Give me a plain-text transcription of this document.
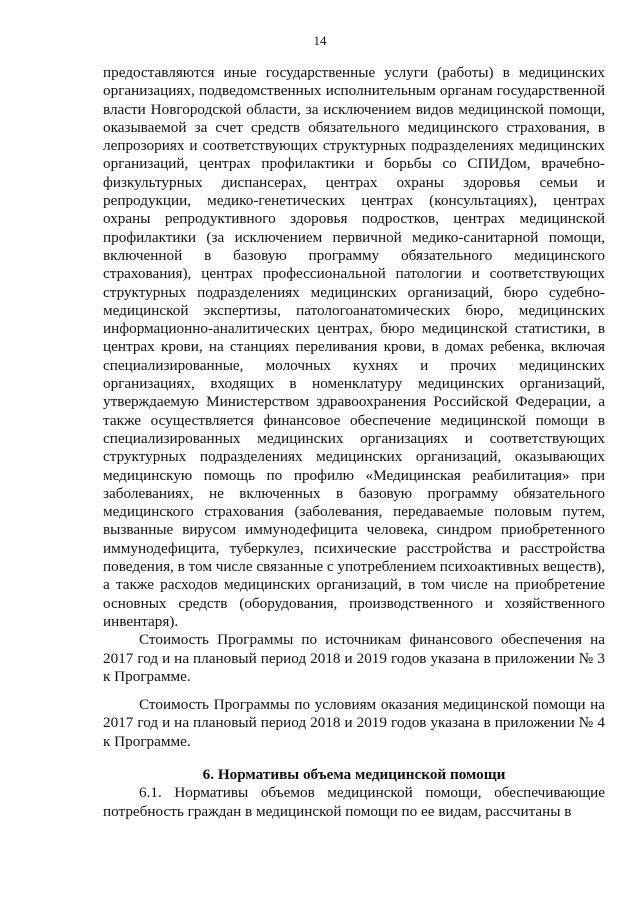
14

предоставляются иные государственные услуги (работы) в медицинских организациях, подведомственных исполнительным органам государственной власти Новгородской области, за исключением видов медицинской помощи, оказываемой за счет средств обязательного медицинского страхования, в лепрозориях и соответствующих структурных подразделениях медицинских организаций, центрах профилактики и борьбы со СПИДом, врачебно-физкультурных диспансерах, центрах охраны здоровья семьи и репродукции, медико-генетических центрах (консультациях), центрах охраны репродуктивного здоровья подростков, центрах медицинской профилактики (за исключением первичной медико-санитарной помощи, включенной в базовую программу обязательного медицинского страхования), центрах профессиональной патологии и соответствующих структурных подразделениях медицинских организаций, бюро судебно-медицинской экспертизы, патологоанатомических бюро, медицинских информационно-аналитических центрах, бюро медицинской статистики, в центрах крови, на станциях переливания крови, в домах ребенка, включая специализированные, молочных кухнях и прочих медицинских организациях, входящих в номенклатуру медицинских организаций, утверждаемую Министерством здравоохранения Российской Федерации, а также осуществляется финансовое обеспечение медицинской помощи в специализированных медицинских организациях и соответствующих структурных подразделениях медицинских организаций, оказывающих медицинскую помощь по профилю «Медицинская реабилитация» при заболеваниях, не включенных в базовую программу обязательного медицинского страхования (заболевания, передаваемые половым путем, вызванные вирусом иммунодефицита человека, синдром приобретенного иммунодефицита, туберкулез, психические расстройства и расстройства поведения, в том числе связанные с употреблением психоактивных веществ), а также расходов медицинских организаций, в том числе на приобретение основных средств (оборудования, производственного и хозяйственного инвентаря).

Стоимость Программы по источникам финансового обеспечения на 2017 год и на плановый период 2018 и 2019 годов указана в приложении № 3 к Программе.

Стоимость Программы по условиям оказания медицинской помощи на 2017 год и на плановый период 2018 и 2019 годов указана в приложении № 4 к Программе.

6. Нормативы объема медицинской помощи

6.1. Нормативы объемов медицинской помощи, обеспечивающие потребность граждан в медицинской помощи по ее видам, рассчитаны в
